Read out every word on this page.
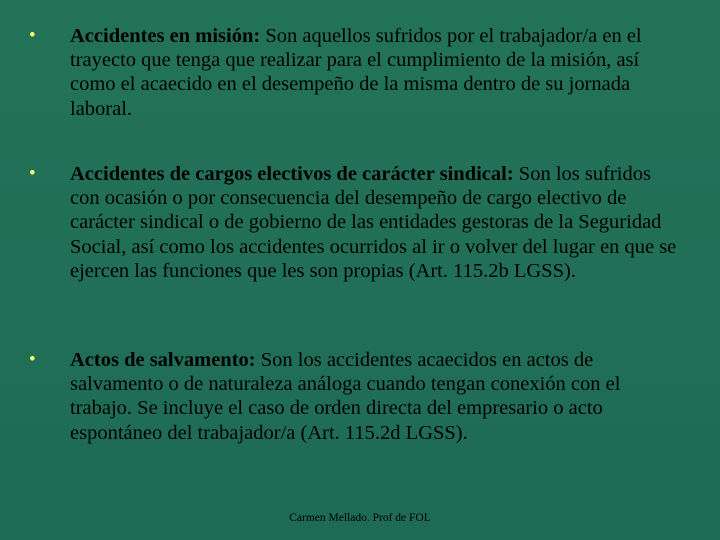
• Accidentes en misión: Son aquellos sufridos por el trabajador/a en el trayecto que tenga que realizar para el cumplimiento de la misión, así como el acaecido en el desempeño de la misma dentro de su jornada laboral.
• Accidentes de cargos electivos de carácter sindical: Son los sufridos con ocasión o por consecuencia del desempeño de cargo electivo de carácter sindical o de gobierno de las entidades gestoras de la Seguridad Social, así como los accidentes ocurridos al ir o volver del lugar en que se ejercen las funciones que les son propias (Art. 115.2b LGSS).
• Actos de salvamento: Son los accidentes acaecidos en actos de salvamento o de naturaleza análoga cuando tengan conexión con el trabajo. Se incluye el caso de orden directa del empresario o acto espontáneo del trabajador/a (Art. 115.2d LGSS).
Carmen Mellado. Prof de FOL
